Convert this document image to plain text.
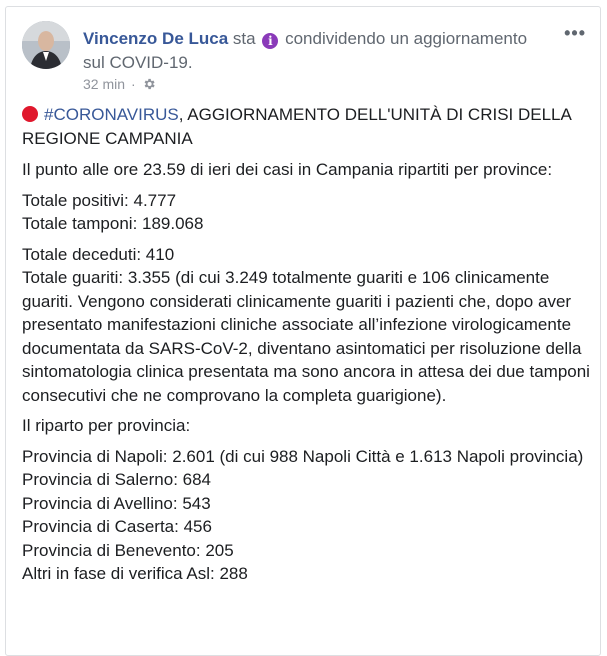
Vincenzo De Luca sta i condividendo un aggiornamento sul COVID-19.
32 min ·
•••

#CORONAVIRUS, AGGIORNAMENTO DELL'UNITÀ DI CRISI DELLA REGIONE CAMPANIA

Il punto alle ore 23.59 di ieri dei casi in Campania ripartiti per province:

Totale positivi: 4.777

Totale tamponi: 189.068

Totale deceduti: 410

Totale guariti: 3.355 (di cui 3.249 totalmente guariti e 106 clinicamente guariti. Vengono considerati clinicamente guariti i pazienti che, dopo aver presentato manifestazioni cliniche associate all’infezione virologicamente documentata da SARS-CoV-2, diventano asintomatici per risoluzione della sintomatologia clinica presentata ma sono ancora in attesa dei due tamponi consecutivi che ne comprovano la completa guarigione).

Il riparto per provincia:

Provincia di Napoli: 2.601 (di cui 988 Napoli Città e 1.613 Napoli provincia)

Provincia di Salerno: 684

Provincia di Avellino: 543

Provincia di Caserta: 456

Provincia di Benevento: 205

Altri in fase di verifica Asl: 288
